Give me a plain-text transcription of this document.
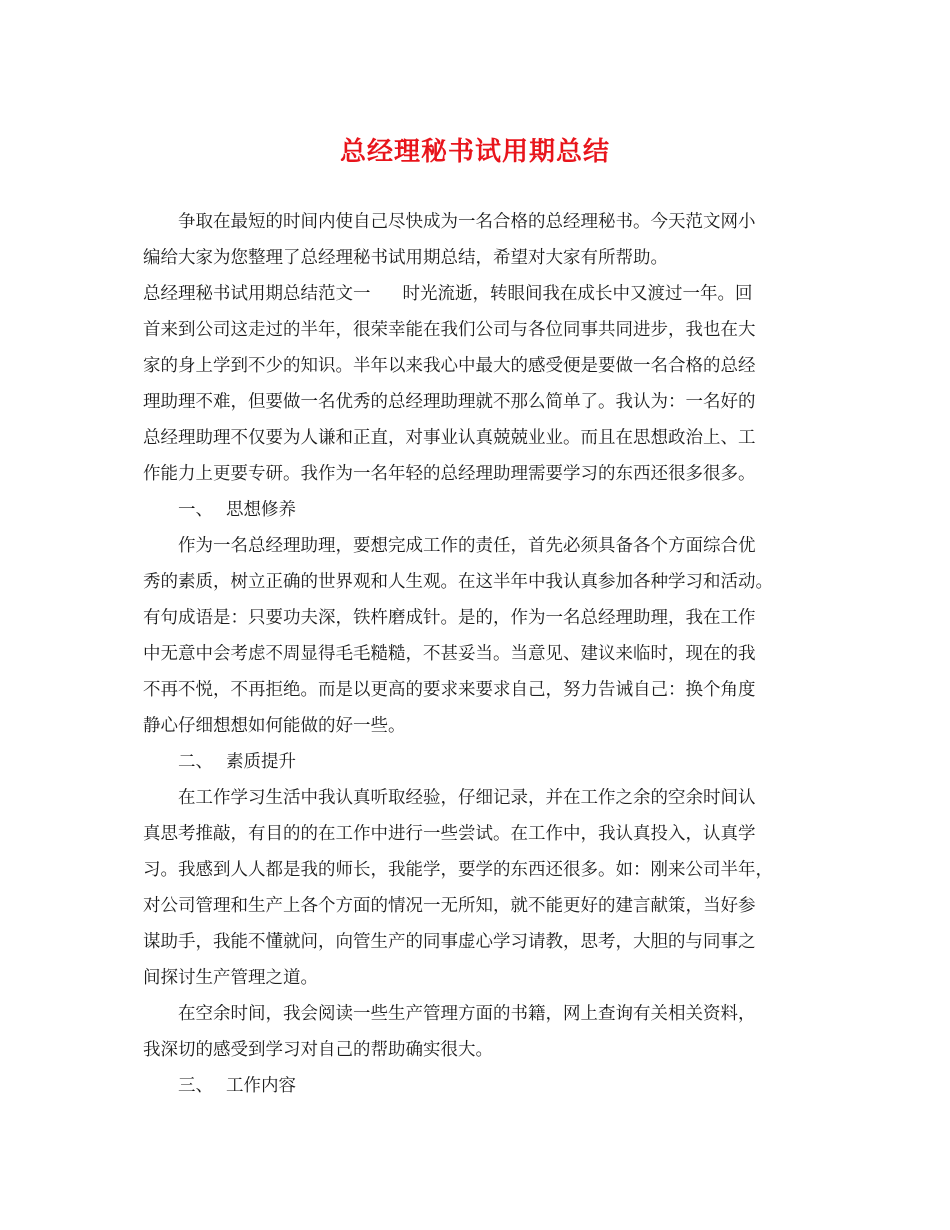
总经理秘书试用期总结
争取在最短的时间内使自己尽快成为一名合格的总经理秘书。今天范文网小
编给大家为您整理了总经理秘书试用期总结，希望对大家有所帮助。
总经理秘书试用期总结范文一 时光流逝，转眼间我在成长中又渡过一年。回
首来到公司这走过的半年，很荣幸能在我们公司与各位同事共同进步，我也在大
家的身上学到不少的知识。半年以来我心中最大的感受便是要做一名合格的总经
理助理不难，但要做一名优秀的总经理助理就不那么简单了。我认为：一名好的
总经理助理不仅要为人谦和正直，对事业认真兢兢业业。而且在思想政治上、工
作能力上更要专研。我作为一名年轻的总经理助理需要学习的东西还很多很多。
一、 思想修养
作为一名总经理助理，要想完成工作的责任，首先必须具备各个方面综合优
秀的素质，树立正确的世界观和人生观。在这半年中我认真参加各种学习和活动。
有句成语是：只要功夫深，铁杵磨成针。是的，作为一名总经理助理，我在工作
中无意中会考虑不周显得毛毛糙糙，不甚妥当。当意见、建议来临时，现在的我
不再不悦，不再拒绝。而是以更高的要求来要求自己，努力告诫自己：换个角度
静心仔细想想如何能做的好一些。
二、 素质提升
在工作学习生活中我认真听取经验，仔细记录，并在工作之余的空余时间认
真思考推敲，有目的的在工作中进行一些尝试。在工作中，我认真投入，认真学
习。我感到人人都是我的师长，我能学，要学的东西还很多。如：刚来公司半年，
对公司管理和生产上各个方面的情况一无所知，就不能更好的建言献策，当好参
谋助手，我能不懂就问，向管生产的同事虚心学习请教，思考，大胆的与同事之
间探讨生产管理之道。
在空余时间，我会阅读一些生产管理方面的书籍，网上查询有关相关资料，
我深切的感受到学习对自己的帮助确实很大。
三、 工作内容
